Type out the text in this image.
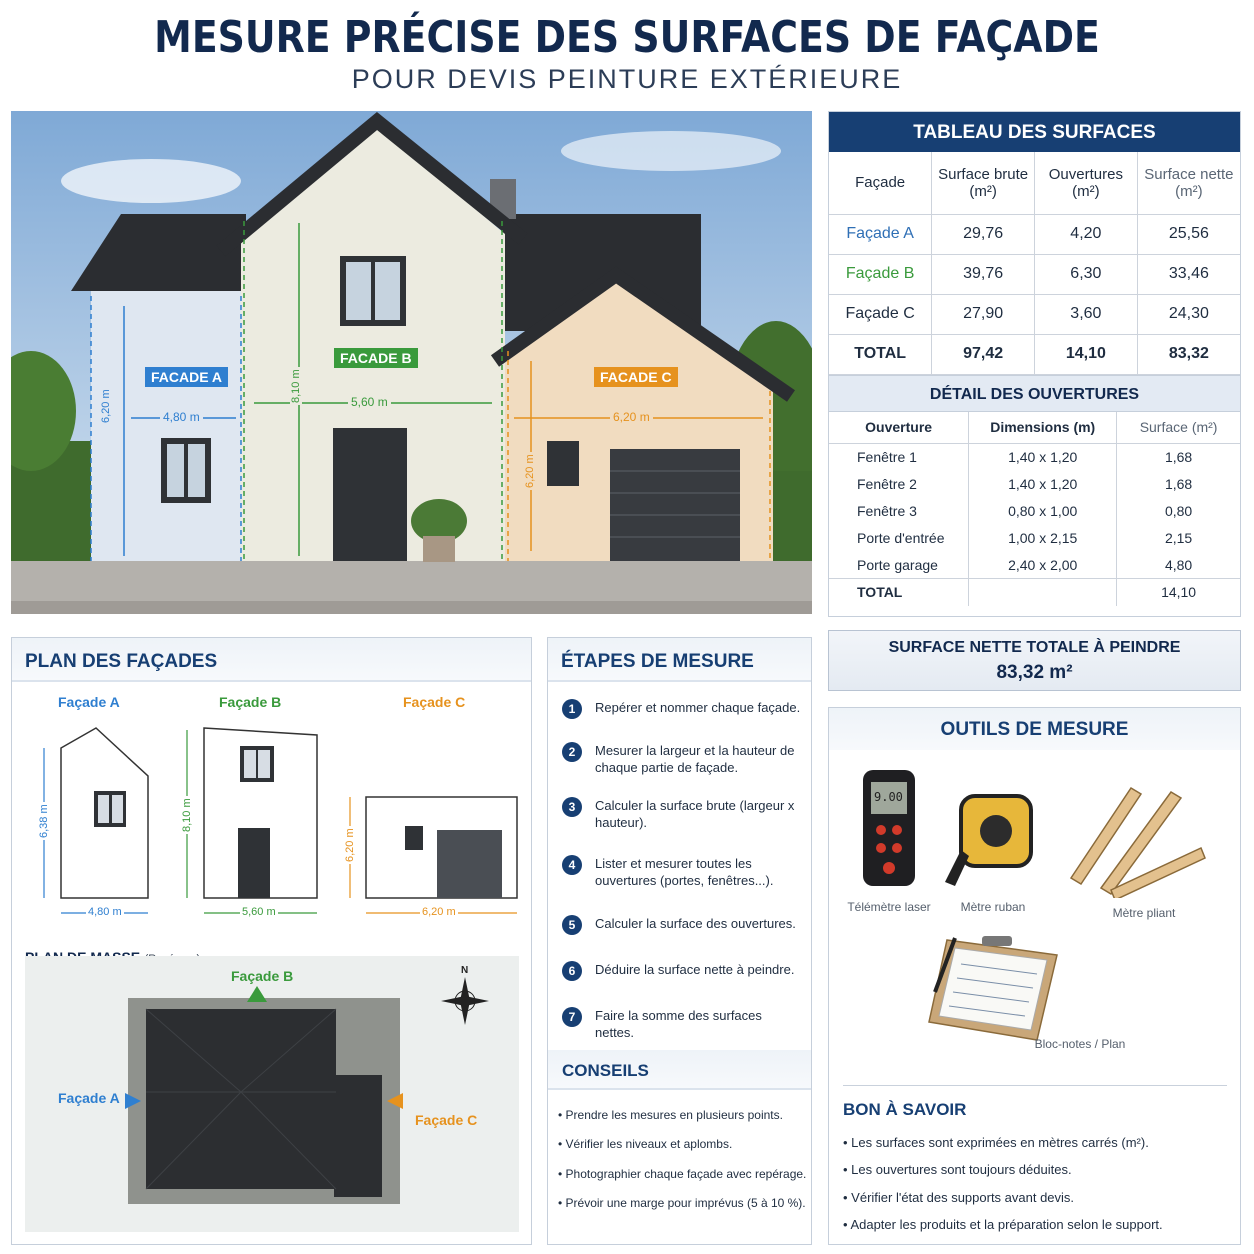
MESURE PRÉCISE DES SURFACES DE FAÇADE
POUR DEVIS PEINTURE EXTÉRIEURE
FACADE A
FACADE B
FACADE C
4,80 m
5,60 m
6,20 m
6,20 m
8,10 m
6,20 m
TABLEAU DES SURFACES
Façade	Surface brute (m²)	Ouvertures (m²)	Surface nette (m²)
Façade A	29,76	4,20	25,56
Façade B	39,76	6,30	33,46
Façade C	27,90	3,60	24,30
TOTAL	97,42	14,10	83,32
DÉTAIL DES OUVERTURES
Ouverture	Dimensions (m)	Surface (m²)
Fenêtre 1	1,40 x 1,20	1,68
Fenêtre 2	1,40 x 1,20	1,68
Fenêtre 3	0,80 x 1,00	0,80
Porte d'entrée	1,00 x 2,15	2,15
Porte garage	2,40 x 2,00	4,80
TOTAL		14,10
SURFACE NETTE TOTALE À PEINDRE
83,32 m²
PLAN DES FAÇADES
Façade A	Façade B	Façade C
4,80 m	5,60 m	6,20 m
6,38 m	8,10 m
6,20 m
Façade B
Façade A
Façade C
N
ÉTAPES DE MESURE
1	Repérer et nommer chaque façade.
2	Mesurer la largeur et la hauteur de chaque partie de façade.
3	Calculer la surface brute (largeur x hauteur).
4	Lister et mesurer toutes les ouvertures (portes, fenêtres...).
5	Calculer la surface des ouvertures.
6	Déduire la surface nette à peindre.
7	Faire la somme des surfaces nettes.
CONSEILS
• Prendre les mesures en plusieurs points.
• Vérifier les niveaux et aplombs.
• Photographier chaque façade avec repérage.
• Prévoir une marge pour imprévus (5 à 10 %).
OUTILS DE MESURE
9.00
Télémètre laser	Mètre ruban	Mètre pliant
Bloc-notes / Plan
BON À SAVOIR
• Les surfaces sont exprimées en mètres carrés (m²).
• Les ouvertures sont toujours déduites.
• Vérifier l'état des supports avant devis.
• Adapter les produits et la préparation selon le support.
